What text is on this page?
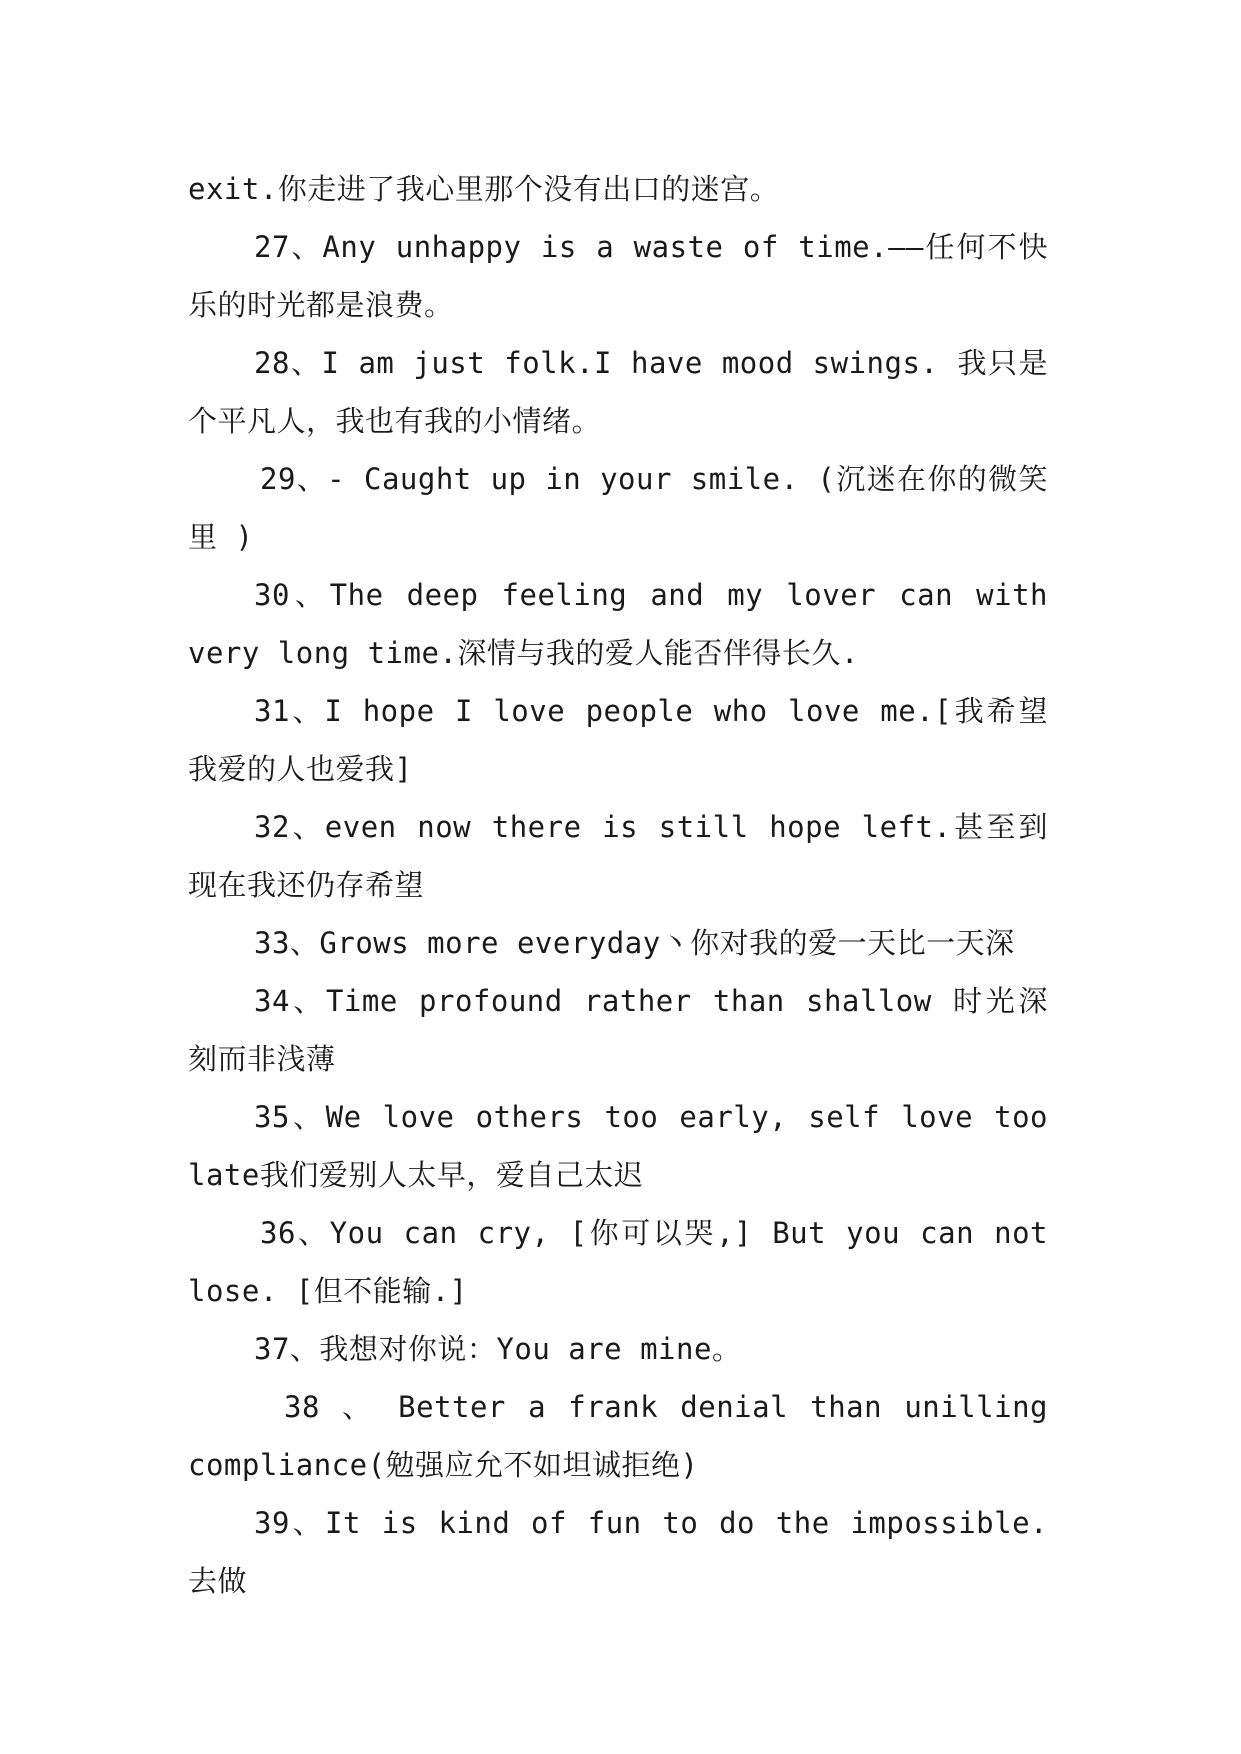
exit.你走进了我心里那个没有出口的迷宫。

27、Any unhappy is a waste of time.——任何不快乐的时光都是浪费。

28、I am just folk.I have mood swings. 我只是个平凡人，我也有我的小情绪。

29、- Caught up in your smile. (沉迷在你的微笑里 )

30、The deep feeling and my lover can with very long time.深情与我的爱人能否伴得长久.

31、I hope I love people who love me.[我希望我爱的人也爱我]

32、even now there is still hope left.甚至到现在我还仍存希望

33、Grows more everyday丶你对我的爱一天比一天深

34、Time profound rather than shallow 时光深刻而非浅薄

35、We love others too early, self love too late我们爱别人太早，爱自己太迟

36、You can cry, [你可以哭,] But you can not lose. [但不能输.]

37、我想对你说：You are mine。

38 、 Better a frank denial than unilling compliance(勉强应允不如坦诚拒绝)

39、It is kind of fun to do the impossible. 去做
